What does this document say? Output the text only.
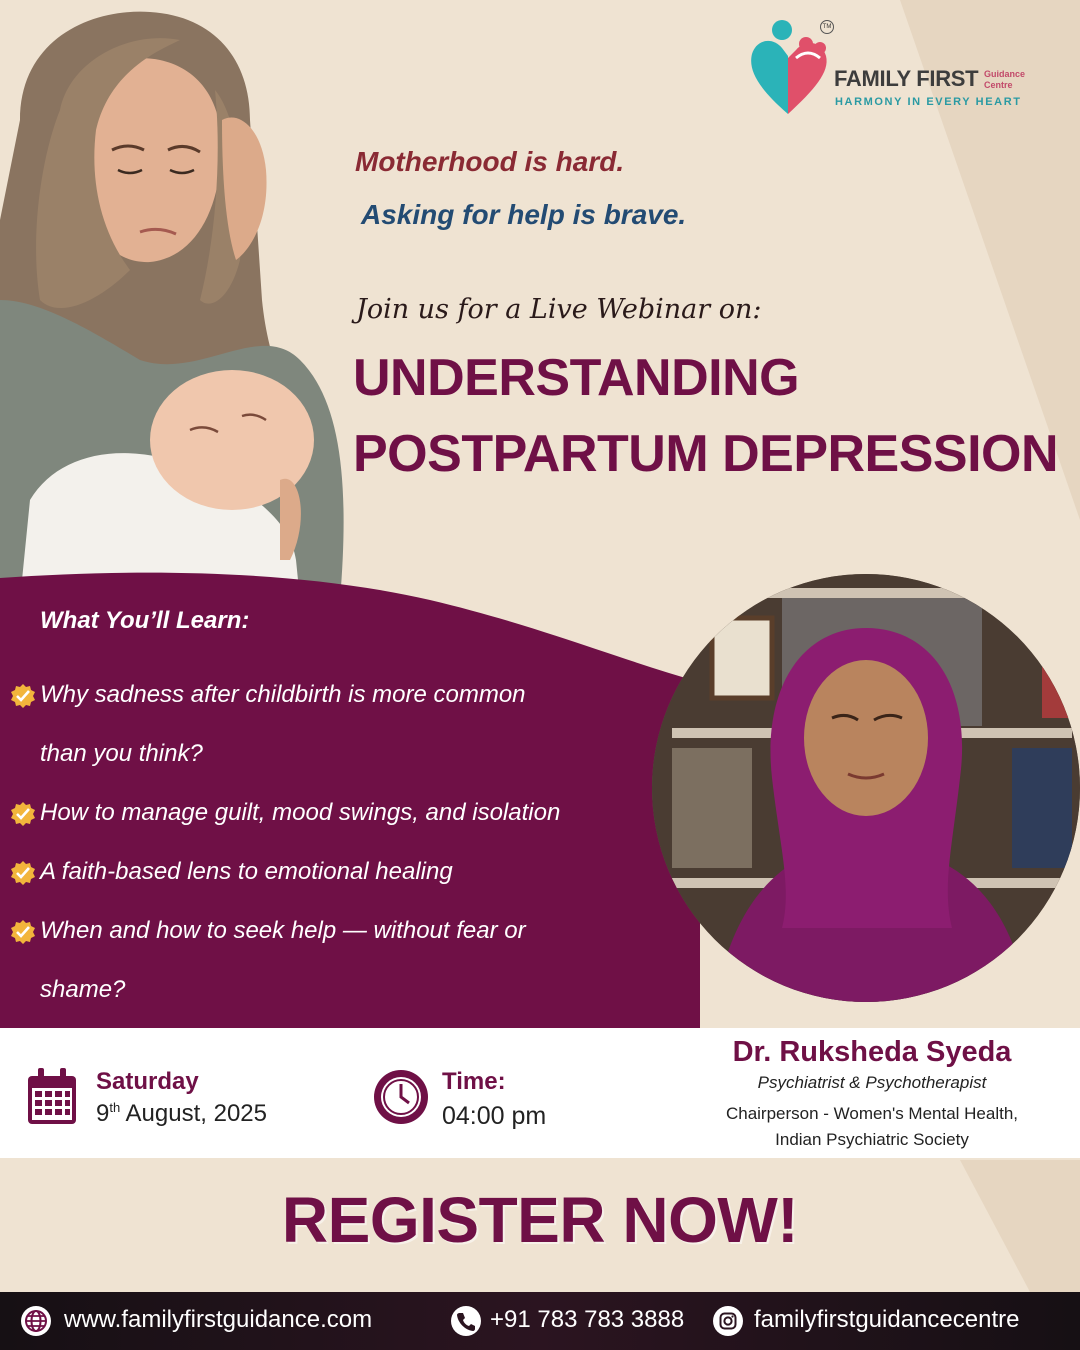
TM
FAMILY FIRST Guidance
Centre
HARMONY IN EVERY HEART
Motherhood is hard.
Asking for help is brave.
Join us for a Live Webinar on:
UNDERSTANDING
POSTPARTUM DEPRESSION
What You’ll Learn:
Why sadness after childbirth is more common
than you think?
How to manage guilt, mood swings, and isolation
A faith-based lens to emotional healing
When and how to seek help — without fear or
shame?
Saturday
9th August, 2025
Time:
04:00 pm
Dr. Ruksheda Syeda
Psychiatrist & Psychotherapist
Chairperson - Women's Mental Health,
Indian Psychiatric Society
REGISTER NOW!
www.familyfirstguidance.com	+91 783 783 3888	familyfirstguidancecentre
